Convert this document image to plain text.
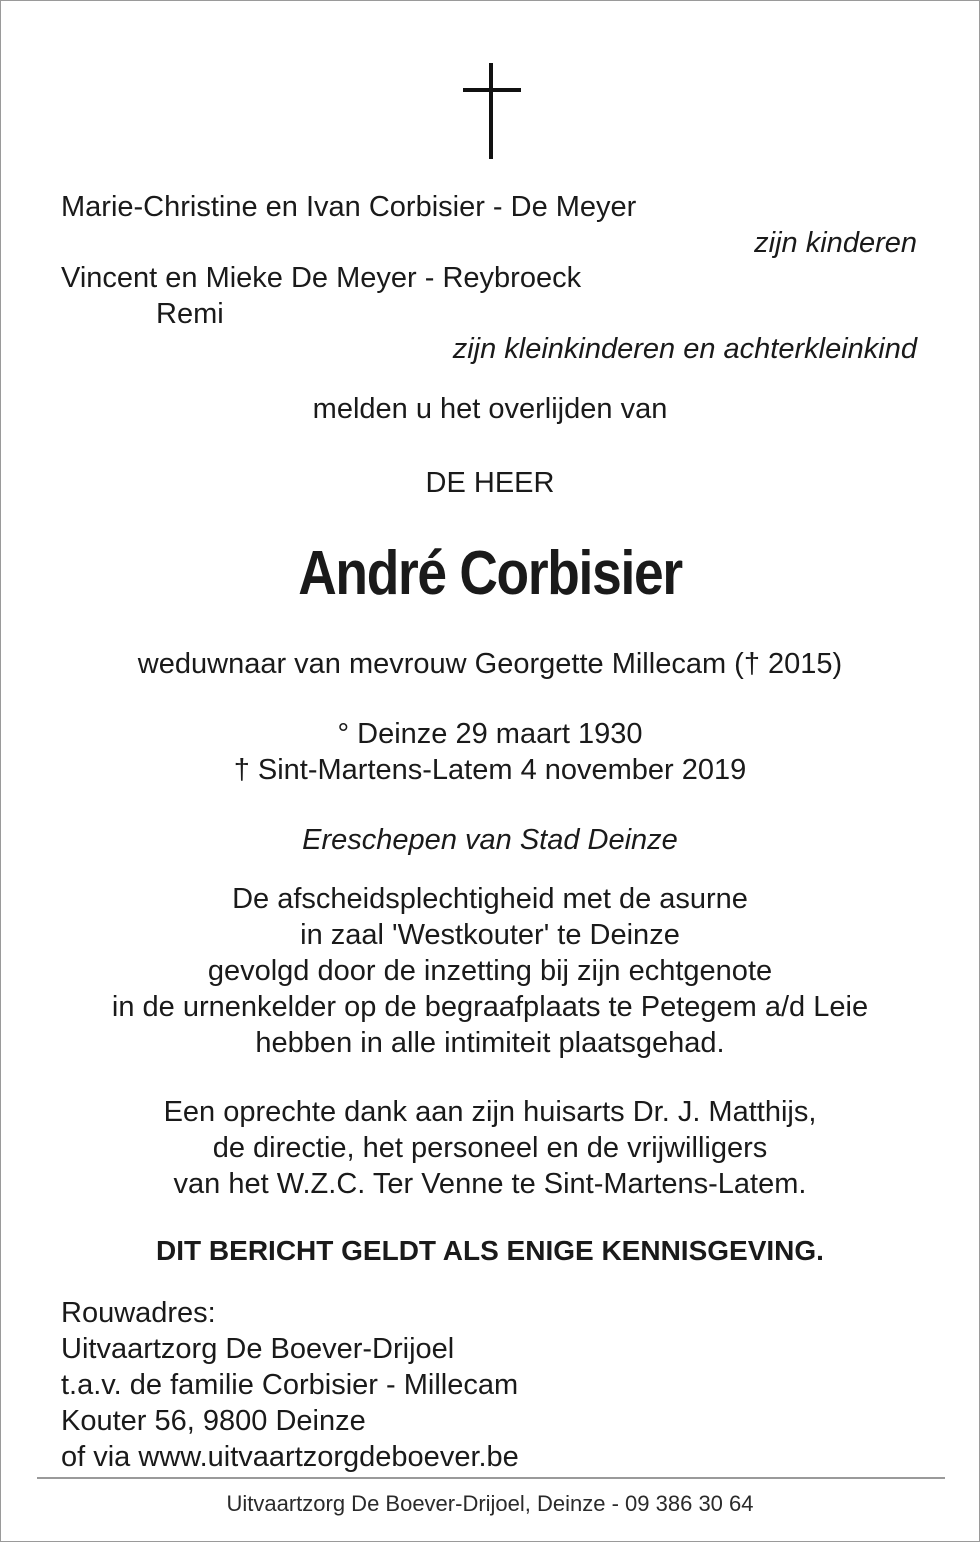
Marie-Christine en Ivan Corbisier - De Meyer
zijn kinderen
Vincent en Mieke De Meyer - Reybroeck
Remi
zijn kleinkinderen en achterkleinkind
melden u het overlijden van
DE HEER
André Corbisier
weduwnaar van mevrouw Georgette Millecam († 2015)
° Deinze 29 maart 1930
† Sint-Martens-Latem 4 november 2019
Ereschepen van Stad Deinze
De afscheidsplechtigheid met de asurne
in zaal 'Westkouter' te Deinze
gevolgd door de inzetting bij zijn echtgenote
in de urnenkelder op de begraafplaats te Petegem a/d Leie
hebben in alle intimiteit plaatsgehad.
Een oprechte dank aan zijn huisarts Dr. J. Matthijs,
de directie, het personeel en de vrijwilligers
van het W.Z.C. Ter Venne te Sint-Martens-Latem.
DIT BERICHT GELDT ALS ENIGE KENNISGEVING.
Rouwadres:
Uitvaartzorg De Boever-Drijoel
t.a.v. de familie Corbisier - Millecam
Kouter 56, 9800 Deinze
of via www.uitvaartzorgdeboever.be
Uitvaartzorg De Boever-Drijoel, Deinze - 09 386 30 64
